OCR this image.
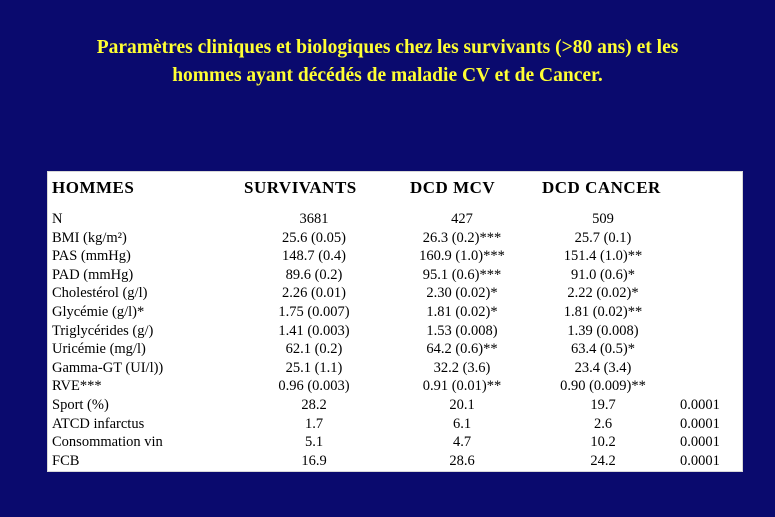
Paramètres cliniques et biologiques chez les survivants (>80 ans) et les
hommes ayant décédés de maladie CV et de Cancer.
HOMMES	SURVIVANTS	DCD MCV	DCD CANCER
N	3681	427	509
BMI (kg/m²)	25.6 (0.05)	26.3 (0.2)***	25.7 (0.1)
PAS (mmHg)	148.7 (0.4)	160.9 (1.0)***	151.4 (1.0)**
PAD (mmHg)	89.6 (0.2)	95.1 (0.6)***	91.0 (0.6)*
Cholestérol (g/l)	2.26 (0.01)	2.30 (0.02)*	2.22 (0.02)*
Glycémie (g/l)*	1.75 (0.007)	1.81 (0.02)*	1.81 (0.02)**
Triglycérides (g/)	1.41 (0.003)	1.53 (0.008)	1.39 (0.008)
Uricémie (mg/l)	62.1 (0.2)	64.2 (0.6)**	63.4 (0.5)*
Gamma-GT (UI/l))	25.1 (1.1)	32.2 (3.6)	23.4 (3.4)
RVE***	0.96 (0.003)	0.91 (0.01)**	0.90 (0.009)**
Sport (%)	28.2	20.1	19.7	0.0001
ATCD infarctus	1.7	6.1	2.6	0.0001
Consommation vin	5.1	4.7	10.2	0.0001
FCB	16.9	28.6	24.2	0.0001
